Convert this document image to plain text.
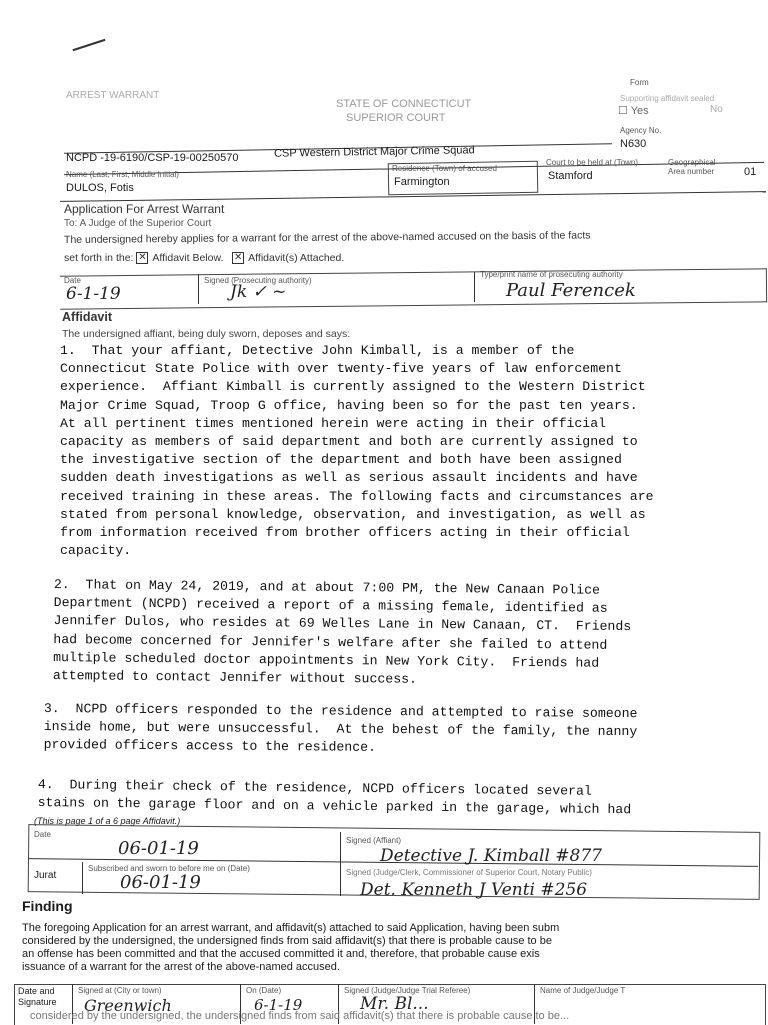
ARREST WARRANT
STATE OF CONNECTICUT
SUPERIOR COURT
Form
Supporting affidavit sealed
☐ Yes	No
Agency No.
N630
NCPD -19-6190/CSP-19-00250570	CSP Western District Major Crime Squad
Name (Last, First, Middle Initial)
DULOS, Fotis
Residence (Town) of accused
Farmington
Court to be held at (Town)
Stamford
Geographical Area number	01
Application For Arrest Warrant
To: A Judge of the Superior Court
The undersigned hereby applies for a warrant for the arrest of the above-named accused on the basis of the facts
set forth in the: ✕ Affidavit Below. ✕ Affidavit(s) Attached.
Date
6-1-19
Signed (Prosecuting authority)
Jk ✓ ~
Type/print name of prosecuting authority
Paul Ferencek
Affidavit
The undersigned affiant, being duly sworn, deposes and says:
1.  That your affiant, Detective John Kimball, is a member of the
Connecticut State Police with over twenty-five years of law enforcement
experience.  Affiant Kimball is currently assigned to the Western District
Major Crime Squad, Troop G office, having been so for the past ten years.
At all pertinent times mentioned herein were acting in their official
capacity as members of said department and both are currently assigned to
the investigative section of the department and both have been assigned
sudden death investigations as well as serious assault incidents and have
received training in these areas. The following facts and circumstances are
stated from personal knowledge, observation, and investigation, as well as
from information received from brother officers acting in their official
capacity.
2.  That on May 24, 2019, and at about 7:00 PM, the New Canaan Police
Department (NCPD) received a report of a missing female, identified as
Jennifer Dulos, who resides at 69 Welles Lane in New Canaan, CT.  Friends
had become concerned for Jennifer's welfare after she failed to attend
multiple scheduled doctor appointments in New York City.  Friends had
attempted to contact Jennifer without success.
3.  NCPD officers responded to the residence and attempted to raise someone
inside home, but were unsuccessful.  At the behest of the family, the nanny
provided officers access to the residence.
4.  During their check of the residence, NCPD officers located several
stains on the garage floor and on a vehicle parked in the garage, which had
(This is page 1 of a 6 page Affidavit.)
Date
06-01-19	Signed (Affiant)
Detective J. Kimball #877
Jurat
Subscribed and sworn to before me on (Date)
06-01-19	Signed (Judge/Clerk, Commissioner of Superior Court, Notary Public)
Det. Kenneth J Venti #256
Finding
The foregoing Application for an arrest warrant, and affidavit(s) attached to said Application, having been subm
considered by the undersigned, the undersigned finds from said affidavit(s) that there is probable cause to be
an offense has been committed and that the accused committed it and, therefore, that probable cause exis
issuance of a warrant for the arrest of the above-named accused.
Date and Signature
Signed at (City or town)
Greenwich
On (Date)
6-1-19
Signed (Judge/Judge Trial Referee)
Mr. Bl...
Name of Judge/Judge T
considered by the undersigned, the undersigned finds from said affidavit(s) that there is probable cause to be...
